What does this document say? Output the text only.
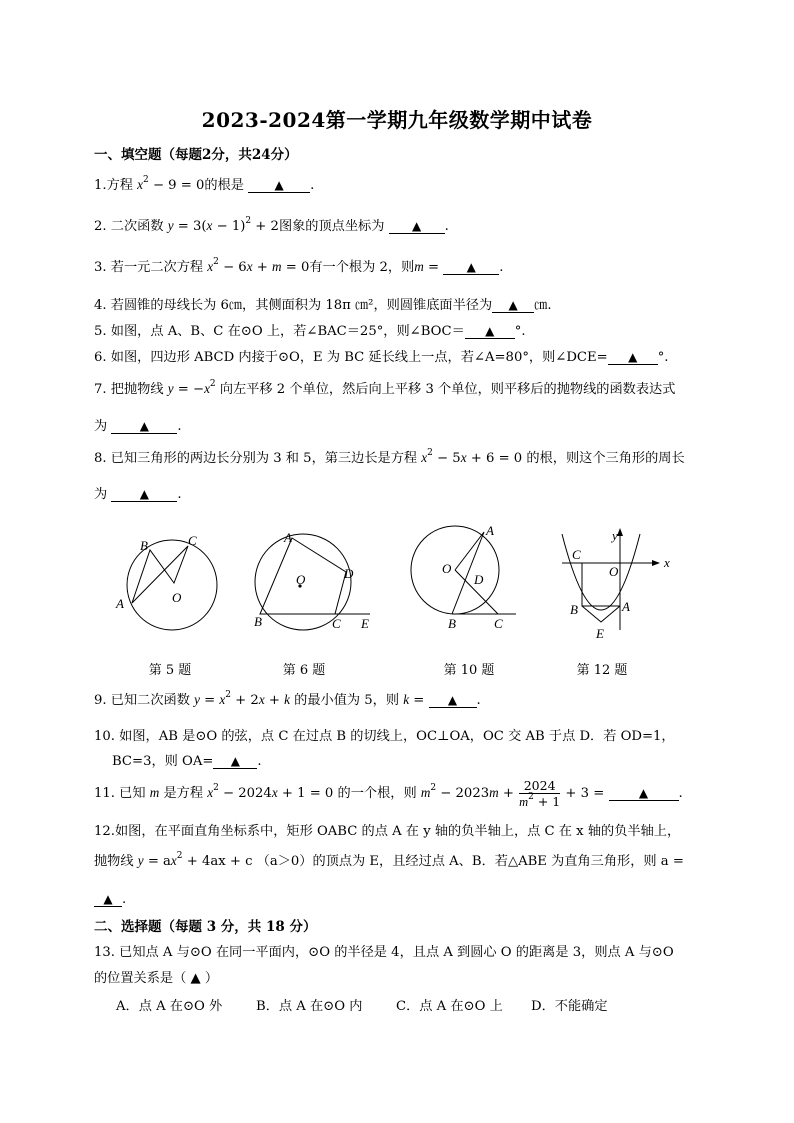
2023-2024第一学期九年级数学期中试卷
一、填空题（每题2分，共24分）
1.方程 $x^2 - 9 = 0$的根是	▲ .
2. 二次函数 $y = 3(x - 1)^2 + 2$图象的顶点坐标为 ▲ .
3. 若一元二次方程 $x^2 - 6x + m = 0$有一个根为 2，则m = ▲ .
4. 若圆锥的母线长为 6㎝，其侧面积为 18π ㎝²，则圆锥底面半径为 ▲ ㎝.
5. 如图，点 A、B、C 在⊙O 上，若∠BAC＝25°，则∠BOC＝ ▲ °.
6. 如图，四边形 ABCD 内接于⊙O，E 为 BC 延长线上一点，若∠A=80°，则∠DCE= ▲ °.
7. 把抛物线 $y = -x^2$ 向左平移 2 个单位，然后向上平移 3 个单位，则平移后的抛物线的函数表达式
为	▲ .
8. 已知三角形的两边长分别为 3 和 5，第三边长是方程 $x^2 - 5x + 6 = 0$ 的根，则这个三角形的周长
为	▲ .
B	C
A	O
第 5 题
A
O	D
B	C E
第 6 题
A
O
D
B	C
第 10 题
y
C
O
x
B	A
E
第 12 题
9. 已知二次函数 $y = x^2 + 2x + k$ 的最小值为 5，则 k = ▲ .
10. 如图，AB 是⊙O 的弦，点 C 在过点 B 的切线上，OC⊥OA，OC 交 AB 于点 D．若 OD=1，
BC=3，则 OA= ▲ .
11. 已知 m 是方程 $x^2 - 2024x + 1 = 0$ 的一个根，则 $m^2 - 2023m + \frac{2024}{m^2 + 1} + 3$ =	▲ .
12.如图，在平面直角坐标系中，矩形 OABC 的点 A 在 y 轴的负半轴上，点 C 在 x 轴的负半轴上，
抛物线 $y = ax^2 + 4ax + c$ （a＞0）的顶点为 E，且经过点 A、B．若△ABE 为直角三角形，则 a =
▲ .
二、选择题（每题 3 分，共 18 分）
13. 已知点 A 与⊙O 在同一平面内，⊙O 的半径是 4，且点 A 到圆心 O 的距离是 3，则点 A 与⊙O
的位置关系是（ ▲ ）
A．点 A 在⊙O 外	B．点 A 在⊙O 内	C．点 A 在⊙O 上 D．不能确定
